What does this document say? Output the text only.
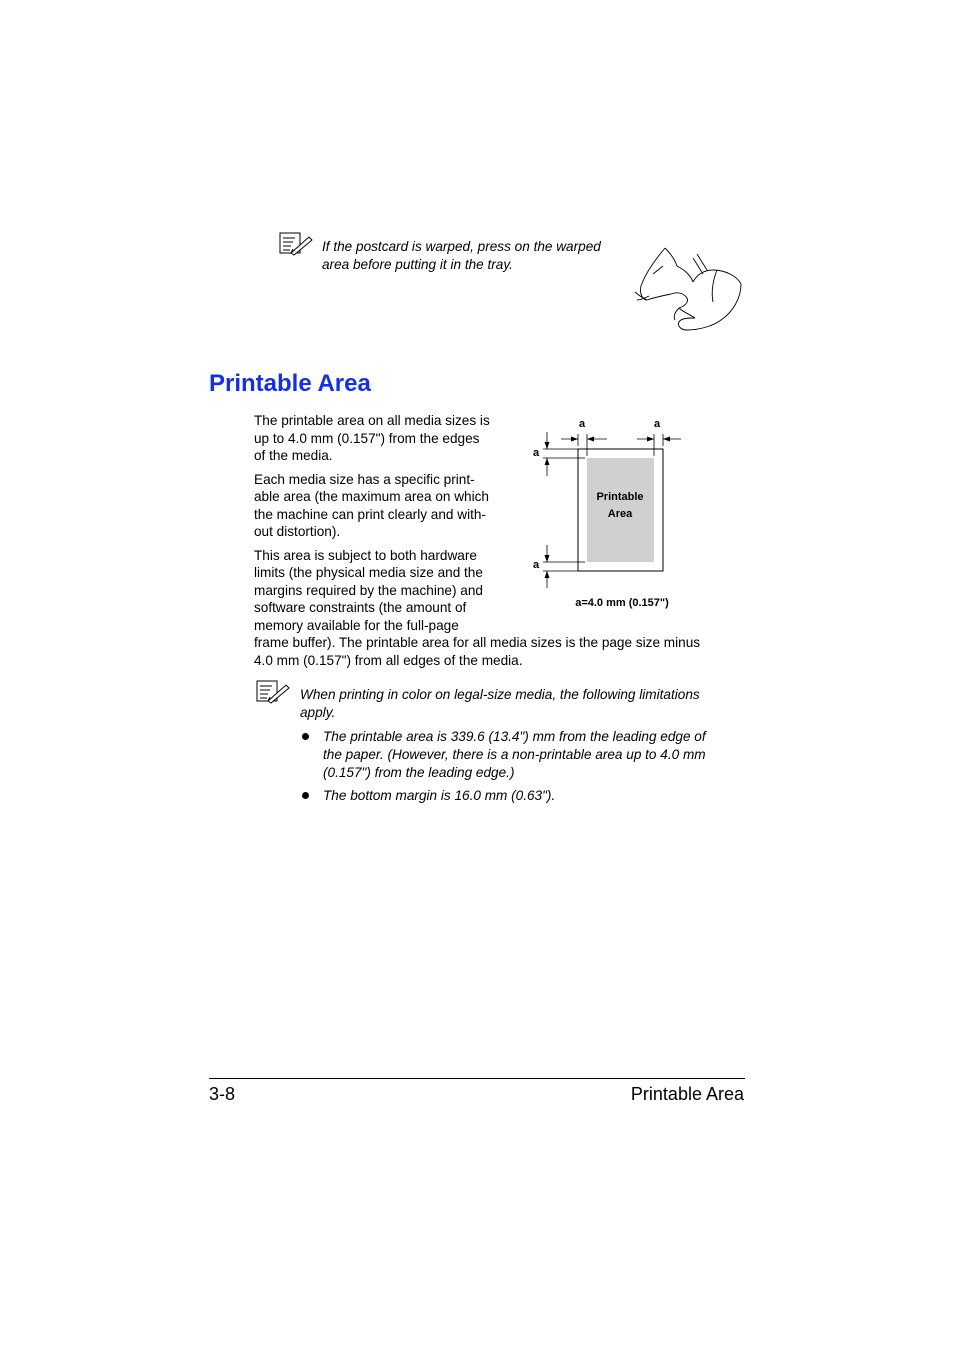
If the postcard is warped, press on the warped
area before putting it in the tray.
Printable Area
The printable area on all media sizes is
up to 4.0 mm (0.157") from the edges
of the media.
Each media size has a specific print-
able area (the maximum area on which
the machine can print clearly and with-
out distortion).
This area is subject to both hardware
limits (the physical media size and the
margins required by the machine) and
software constraints (the amount of
memory available for the full-page
frame buffer). The printable area for all media sizes is the page size minus
4.0 mm (0.157") from all edges of the media.
Printable
Area
a	a
a
a
a=4.0 mm (0.157")
When printing in color on legal-size media, the following limitations
apply.
The printable area is 339.6 (13.4") mm from the leading edge of
the paper. (However, there is a non-printable area up to 4.0 mm
(0.157") from the leading edge.)
The bottom margin is 16.0 mm (0.63").
3-8	Printable Area
